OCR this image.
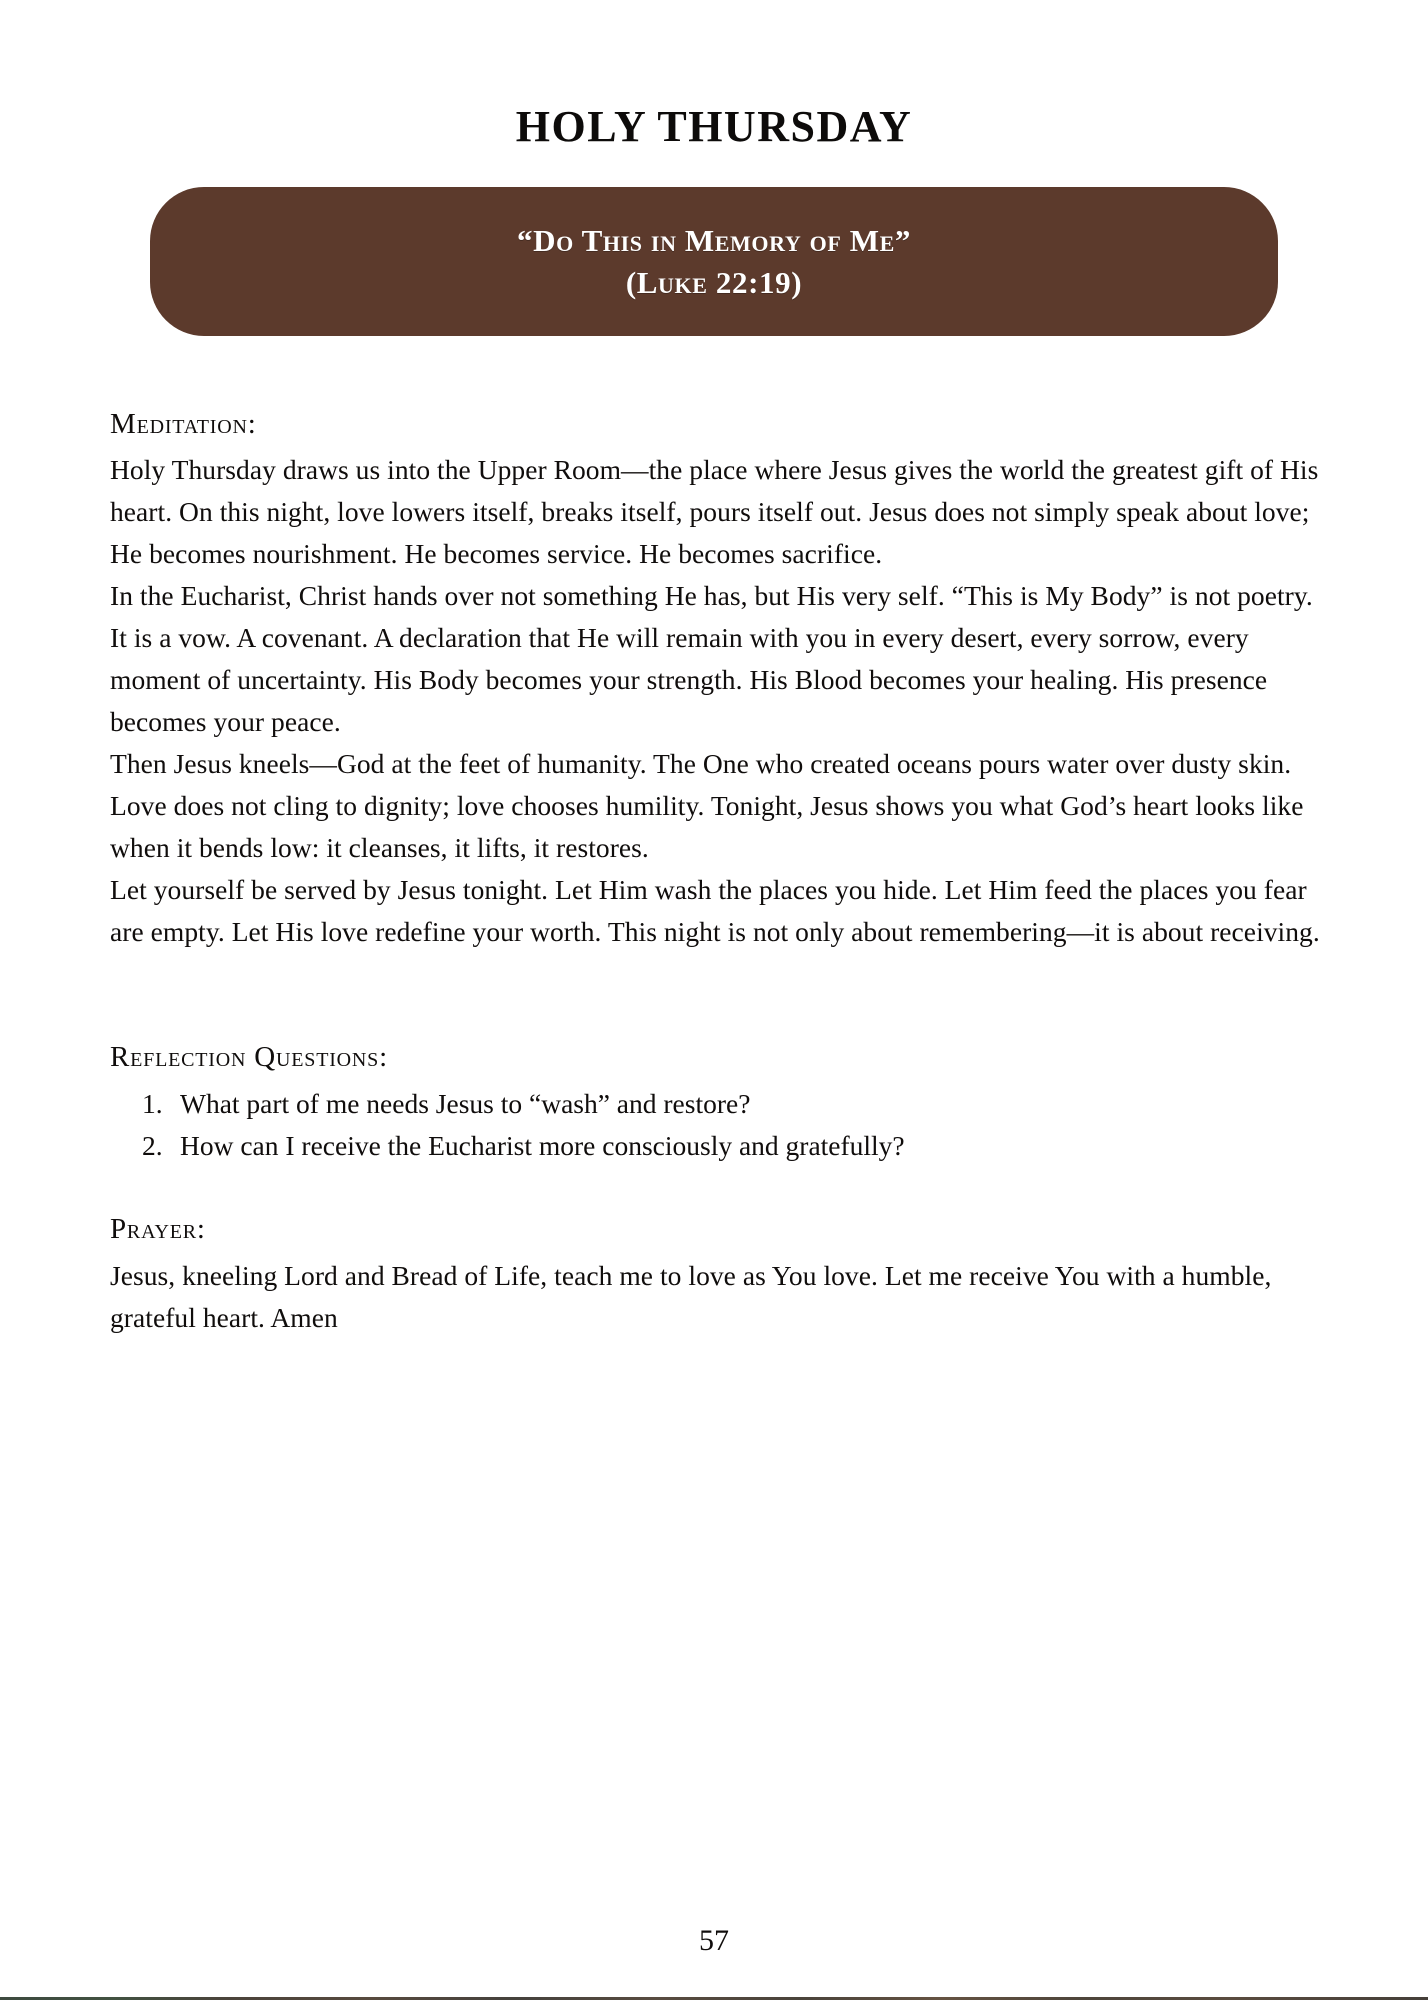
HOLY THURSDAY
“Do This in Memory of Me”
(Luke 22:19)
Meditation:

Holy Thursday draws us into the Upper Room—the place where Jesus gives the world the greatest gift of His heart. On this night, love lowers itself, breaks itself, pours itself out. Jesus does not simply speak about love; He becomes nourishment. He becomes service. He becomes sacrifice.

In the Eucharist, Christ hands over not something He has, but His very self. “This is My Body” is not poetry. It is a vow. A covenant. A declaration that He will remain with you in every desert, every sorrow, every moment of uncertainty. His Body becomes your strength. His Blood becomes your healing. His presence becomes your peace.

Then Jesus kneels—God at the feet of humanity. The One who created oceans pours water over dusty skin. Love does not cling to dignity; love chooses humility. Tonight, Jesus shows you what God’s heart looks like when it bends low: it cleanses, it lifts, it restores.

Let yourself be served by Jesus tonight. Let Him wash the places you hide. Let Him feed the places you fear are empty. Let His love redefine your worth. This night is not only about remembering—it is about receiving.

Reflection Questions:
1. What part of me needs Jesus to “wash” and restore?
2. How can I receive the Eucharist more consciously and gratefully?
Prayer:

Jesus, kneeling Lord and Bread of Life, teach me to love as You love. Let me receive You with a humble, grateful heart. Amen

57
